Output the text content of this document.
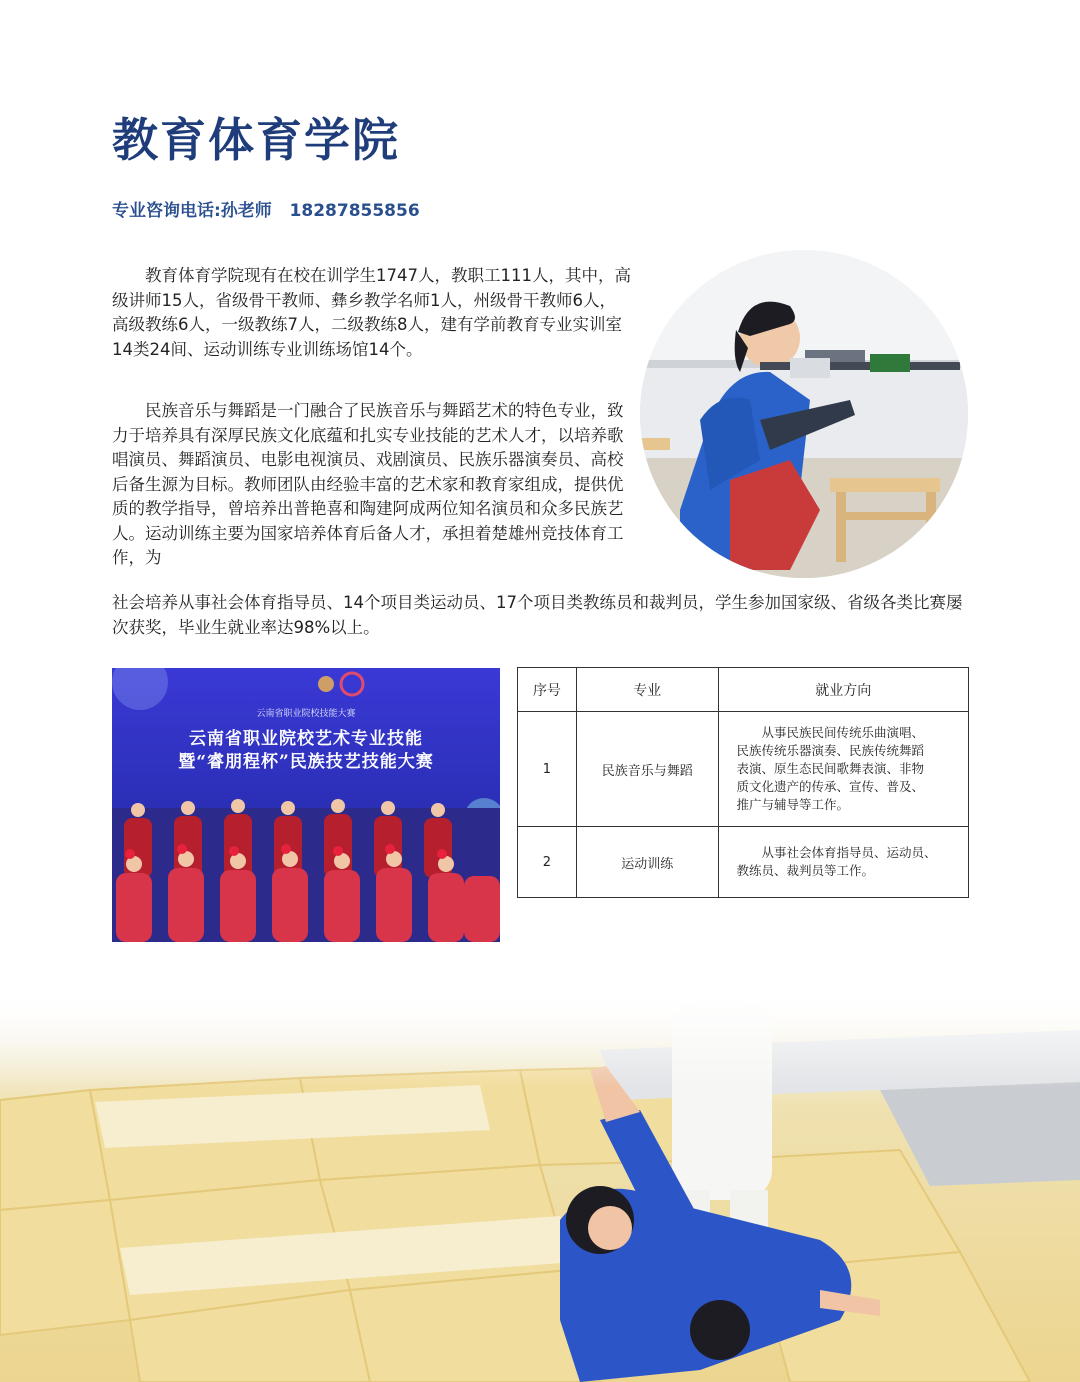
教育体育学院
专业咨询电话:孙老师   18287855856

教育体育学院现有在校在训学生1747人，教职工111人，其中，高级讲师15人，省级骨干教师、彝乡教学名师1人，州级骨干教师6人，高级教练6人，一级教练7人，二级教练8人，建有学前教育专业实训室14类24间、运动训练专业训练场馆14个。

民族音乐与舞蹈是一门融合了民族音乐与舞蹈艺术的特色专业，致力于培养具有深厚民族文化底蕴和扎实专业技能的艺术人才，以培养歌唱演员、舞蹈演员、电影电视演员、戏剧演员、民族乐器演奏员、高校后备生源为目标。教师团队由经验丰富的艺术家和教育家组成，提供优质的教学指导，曾培养出普艳喜和陶建阿成两位知名演员和众多民族艺人。运动训练主要为国家培养体育后备人才，承担着楚雄州竞技体育工作，为

社会培养从事社会体育指导员、14个项目类运动员、17个项目类教练员和裁判员，学生参加国家级、省级各类比赛屡次获奖，毕业生就业率达98%以上。

云南省职业院校技能大赛
云南省职业院校艺术专业技能
暨“睿朋程杯”民族技艺技能大赛
序号	专业	就业方向
1	民族音乐与舞蹈	从事民族民间传统乐曲演唱、
民族传统乐器演奏、民族传统舞蹈
表演、原生态民间歌舞表演、非物
质文化遗产的传承、宣传、普及、
推广与辅导等工作。

2	运动训练	从事社会体育指导员、运动员、
教练员、裁判员等工作。
